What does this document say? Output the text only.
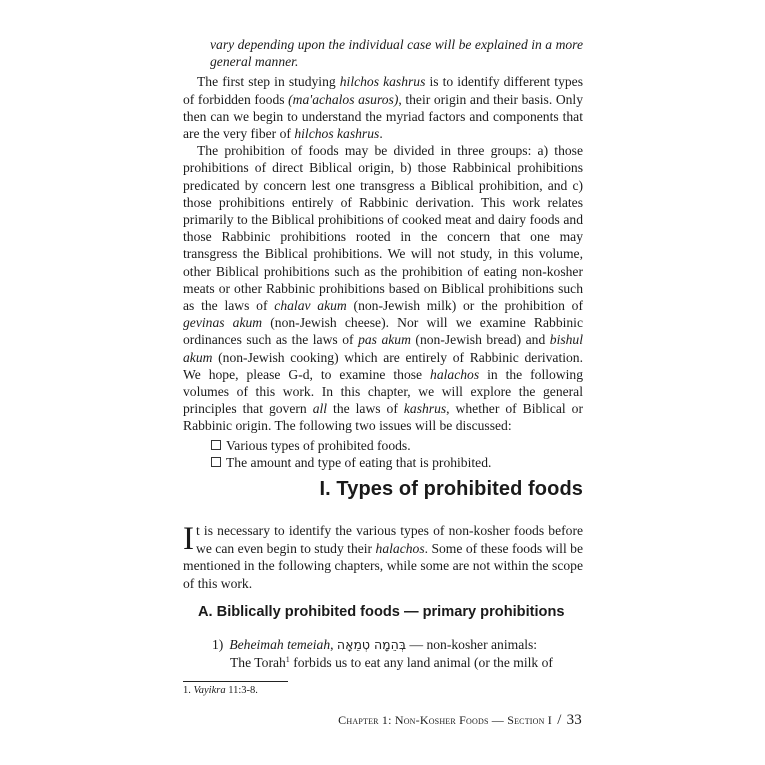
vary depending upon the individual case will be explained in a more general manner.

The first step in studying hilchos kashrus is to identify different types of forbidden foods (ma'achalos asuros), their origin and their basis. Only then can we begin to understand the myriad factors and components that are the very fiber of hilchos kashrus.

The prohibition of foods may be divided in three groups: a) those prohibitions of direct Biblical origin, b) those Rabbinical prohibitions predicated by concern lest one transgress a Biblical prohibition, and c) those prohibitions entirely of Rabbinic derivation. This work relates primarily to the Biblical prohibitions of cooked meat and dairy foods and those Rabbinic prohibitions rooted in the concern that one may transgress the Biblical prohibitions. We will not study, in this volume, other Biblical prohibitions such as the prohibition of eating non-kosher meats or other Rabbinic prohibitions based on Biblical prohibitions such as the laws of chalav akum (non-Jewish milk) or the prohibition of gevinas akum (non-Jewish cheese). Nor will we examine Rabbinic ordinances such as the laws of pas akum (non-Jewish bread) and bishul akum (non-Jewish cooking) which are entirely of Rabbinic derivation. We hope, please G-d, to examine those halachos in the following volumes of this work. In this chapter, we will explore the general principles that govern all the laws of kashrus, whether of Biblical or Rabbinic origin. The following two issues will be discussed:

Various types of prohibited foods.
The amount and type of eating that is prohibited.
I. Types of prohibited foods
It is necessary to identify the various types of non-kosher foods before we can even begin to study their halachos. Some of these foods will be mentioned in the following chapters, while some are not within the scope of this work.
A. Biblically prohibited foods — primary prohibitions
1) Beheimah temeiah, בְּהֵמָה טְמֵאָה — non-kosher animals:
The Torah$^1$ forbids us to eat any land animal (or the milk of
1. Vayikra 11:3-8.
Chapter 1: Non-Kosher Foods — Section I / 33
